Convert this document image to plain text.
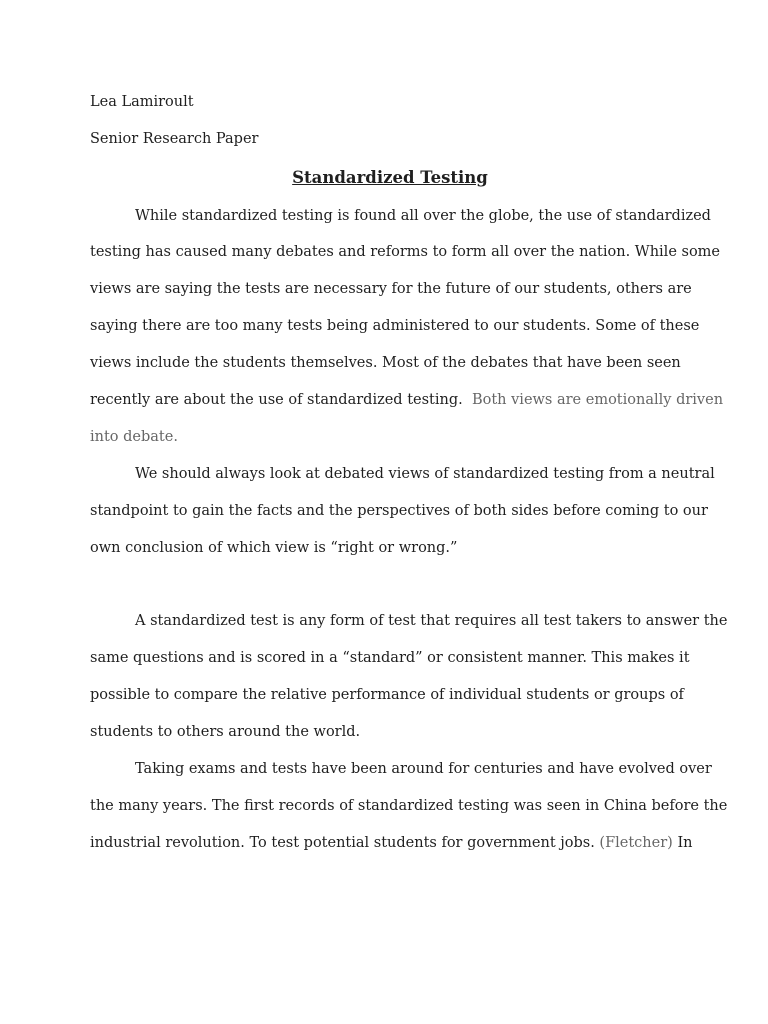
Lea Lamiroult

Senior Research Paper

Standardized Testing

While standardized testing is found all over the globe, the use of standardized

testing has caused many debates and reforms to form all over the nation. While some

views are saying the tests are necessary for the future of our students, others are

saying there are too many tests being administered to our students. Some of these

views include the students themselves. Most of the debates that have been seen

recently are about the use of standardized testing. Both views are emotionally driven

into debate.

We should always look at debated views of standardized testing from a neutral

standpoint to gain the facts and the perspectives of both sides before coming to our

own conclusion of which view is “right or wrong.”

A standardized test is any form of test that requires all test takers to answer the

same questions and is scored in a “standard” or consistent manner. This makes it

possible to compare the relative performance of individual students or groups of

students to others around the world.

Taking exams and tests have been around for centuries and have evolved over

the many years. The first records of standardized testing was seen in China before the

industrial revolution. To test potential students for government jobs. (Fletcher) In
